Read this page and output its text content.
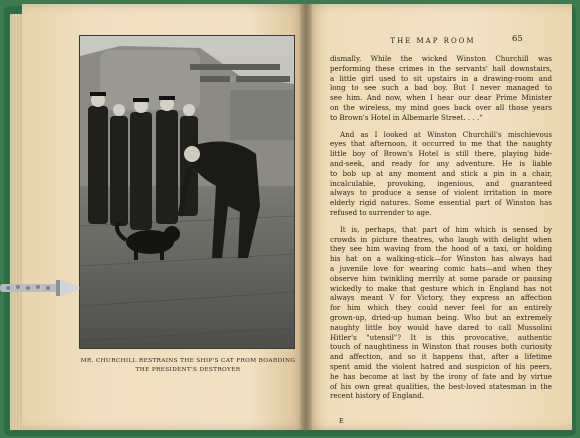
MR. CHURCHILL RESTRAINS THE SHIP'S CAT FROM BOARDING
THE PRESIDENT'S DESTROYER
THE MAP ROOM	65
dismally. While the wicked Winston Churchill was
performing these crimes in the servants' hall downstairs,
a little girl used to sit upstairs in a drawing-room and
long to see such a bad boy. But I never managed to
see him. And now, when I hear our dear Prime Minister
on the wireless, my mind goes back over all those years
to Brown's Hotel in Albemarle Street. . . ."
And as I looked at Winston Churchill's mischievous
eyes that afternoon, it occurred to me that the naughty
little boy of Brown's Hotel is still there, playing hide-
and-seek, and ready for any adventure. He is liable
to bob up at any moment and stick a pin in a chair,
incalculable, provoking, ingenious, and guaranteed
always to produce a sense of violent irritation in more
elderly rigid natures. Some essential part of Winston has
refused to surrender to age.
It is, perhaps, that part of him which is sensed by
crowds in picture theatres, who laugh with delight when
they see him waving from the hood of a taxi, or holding
his hat on a walking-stick—for Winston has always had
a juvenile love for wearing comic hats—and when they
observe him twinkling merrily at some parade or pausing
wickedly to make that gesture which in England has not
always meant V for Victory, they express an affection
for him which they could never feel for an entirely
grown-up, dried-up human being. Who but an extremely
naughty little boy would have dared to call Mussolini
Hitler's "utensil"? It is this provocative, authentic
touch of naughtiness in Winston that rouses both curiosity
and affection, and so it happens that, after a lifetime
spent amid the violent hatred and suspicion of his peers,
he has become at last by the irony of fate and by virtue
of his own great qualities, the best-loved statesman in the
recent history of England.
E
